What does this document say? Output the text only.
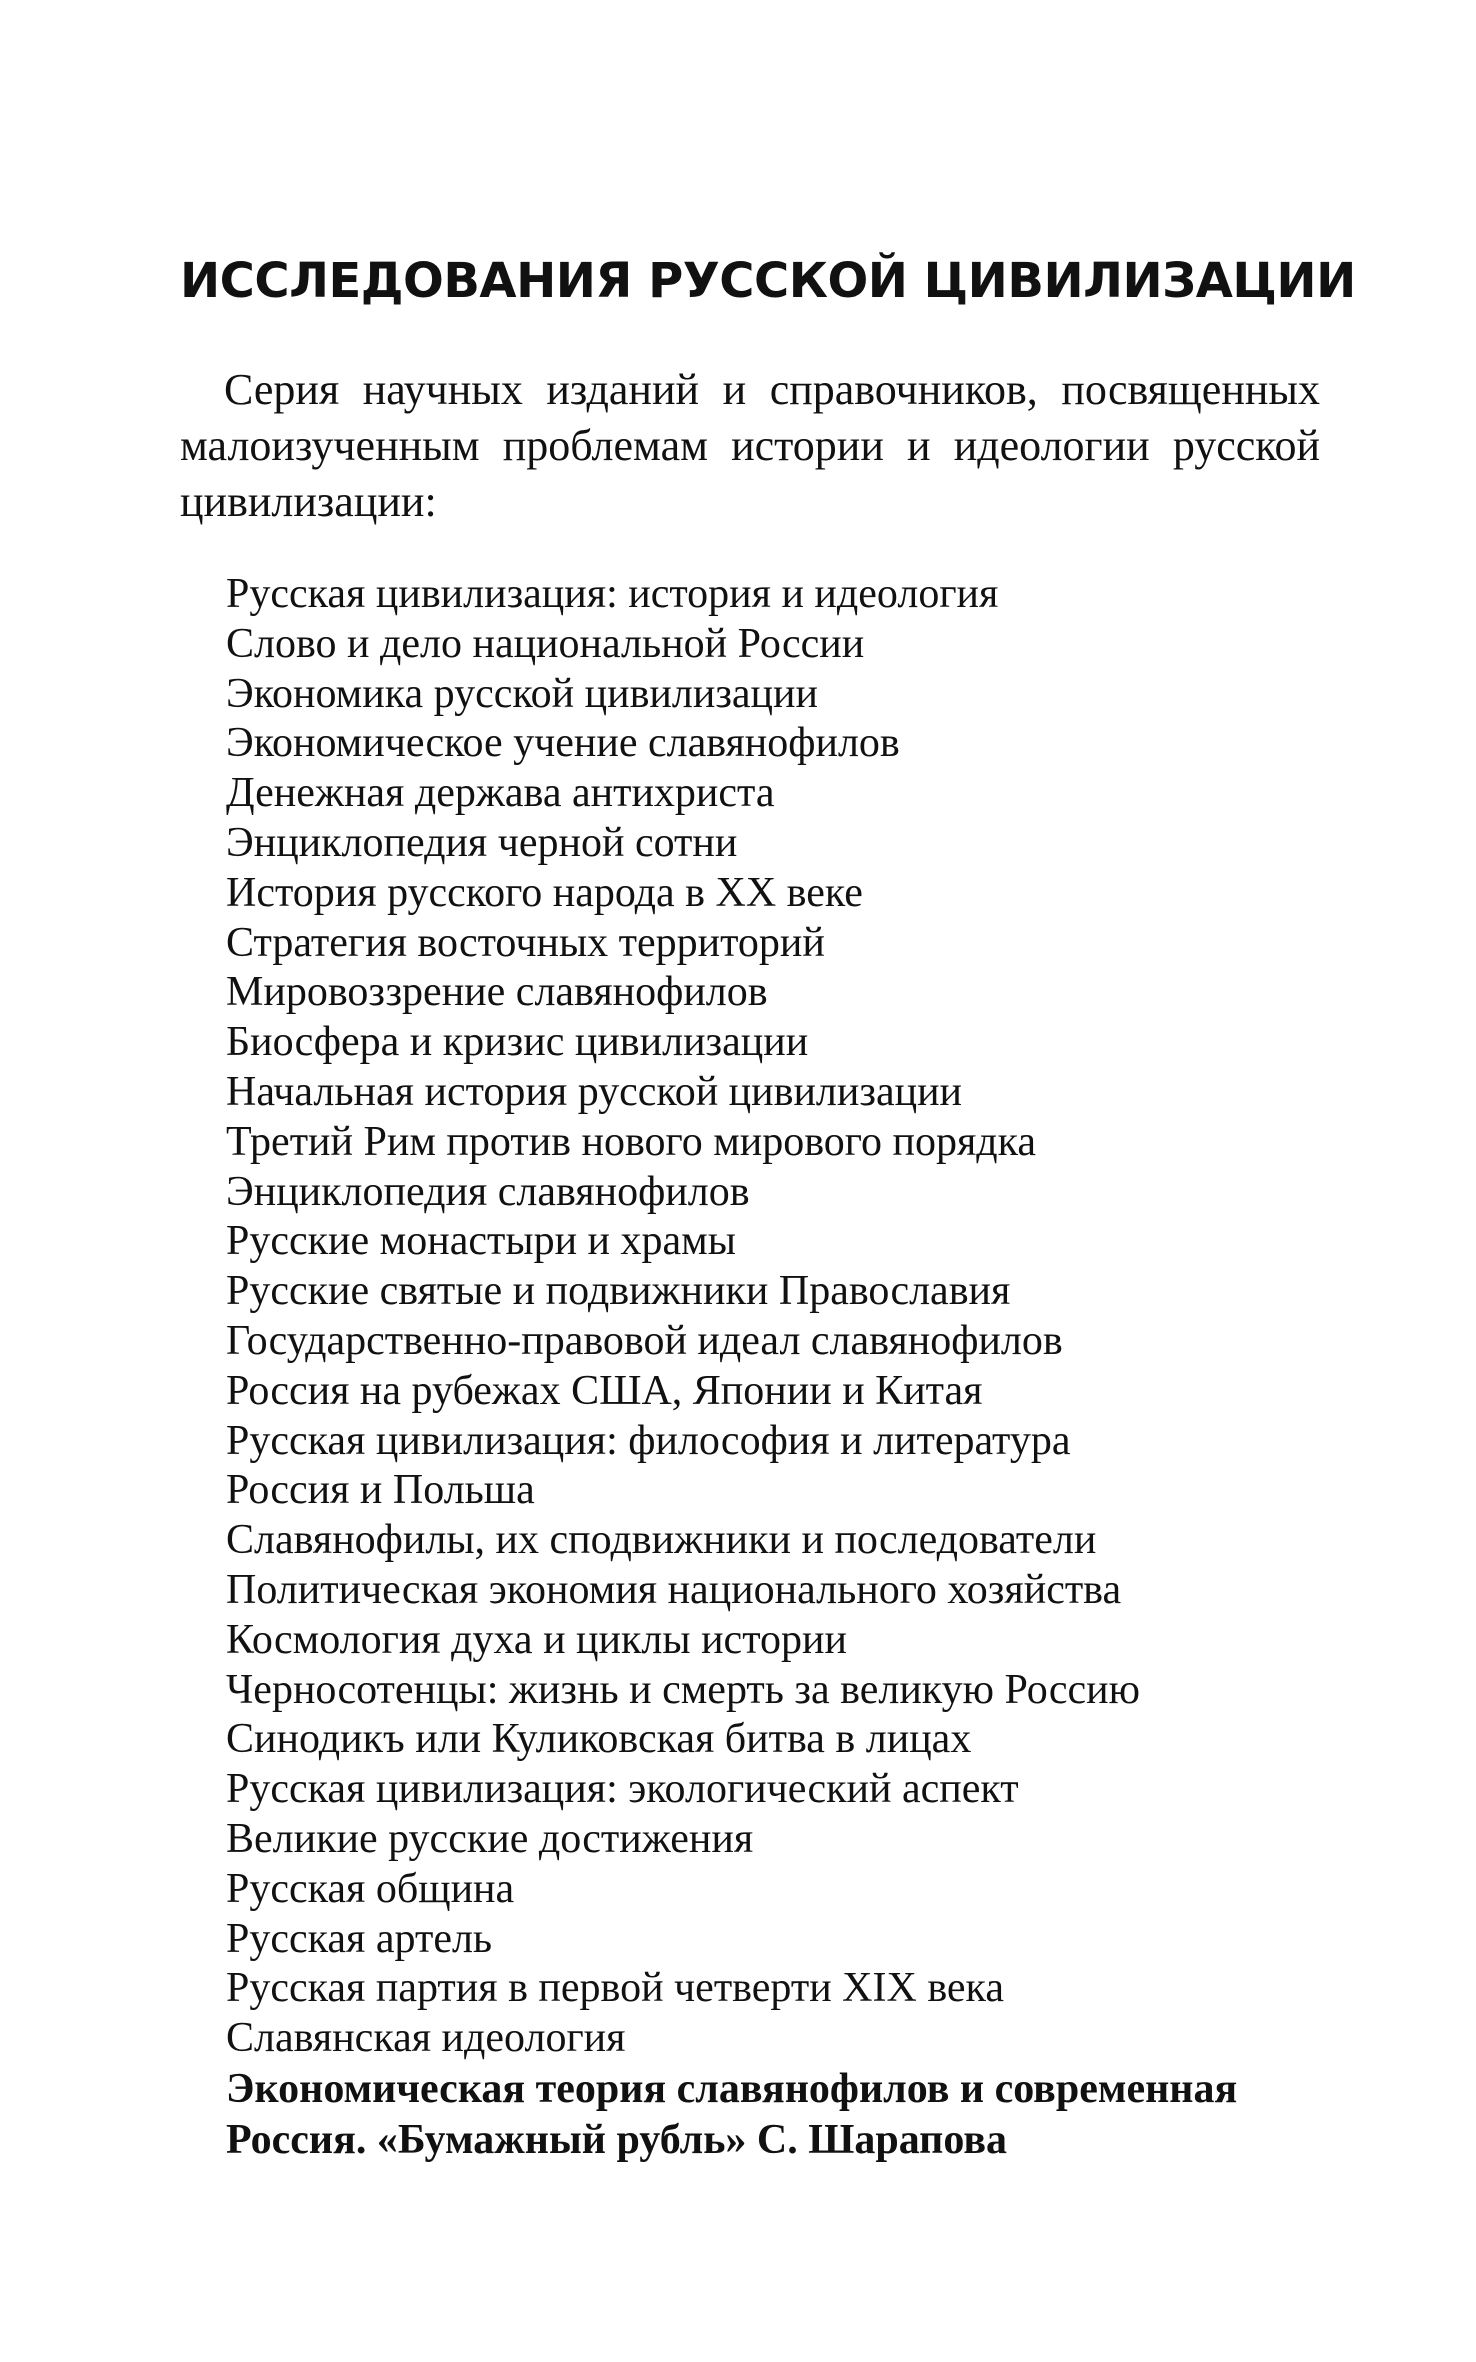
ИССЛЕДОВАНИЯ РУССКОЙ ЦИВИЛИЗАЦИИ

Серия научных изданий и справочников, посвященных малоизученным проблемам истории и идеологии русской цивилизации:

Русская цивилизация: история и идеология
Слово и дело национальной России
Экономика русской цивилизации
Экономическое учение славянофилов
Денежная держава антихриста
Энциклопедия черной сотни
История русского народа в XX веке
Стратегия восточных территорий
Мировоззрение славянофилов
Биосфера и кризис цивилизации
Начальная история русской цивилизации
Третий Рим против нового мирового порядка
Энциклопедия славянофилов
Русские монастыри и храмы
Русские святые и подвижники Православия
Государственно-правовой идеал славянофилов
Россия на рубежах США, Японии и Китая
Русская цивилизация: философия и литература
Россия и Польша
Славянофилы, их сподвижники и последователи
Политическая экономия национального хозяйства
Космология духа и циклы истории
Черносотенцы: жизнь и смерть за великую Россию
Синодикъ или Куликовская битва в лицах
Русская цивилизация: экологический аспект
Великие русские достижения
Русская община
Русская артель
Русская партия в первой четверти XIX века
Славянская идеология
Экономическая теория славянофилов и современная Россия. «Бумажный рубль» С. Шарапова
